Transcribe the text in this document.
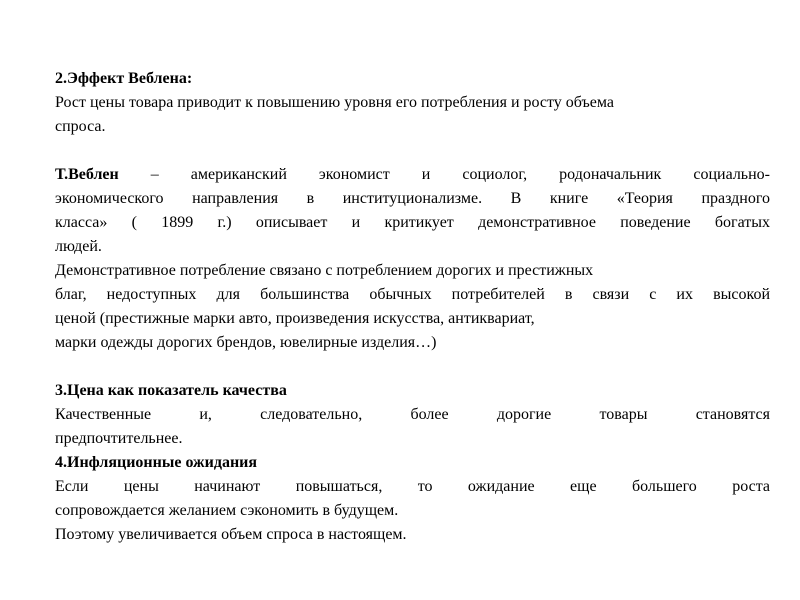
2.Эффект Веблена:

Рост цены товара приводит к повышению уровня его потребления и росту объема

спроса.

Т.Веблен – американский экономист и социолог, родоначальник социально-

экономического направления в институционализме. В книге «Теория праздного

класса» ( 1899 г.) описывает и критикует демонстративное поведение богатых

людей.

Демонстративное потребление связано с потреблением дорогих и престижных

благ, недоступных для большинства обычных потребителей в связи с их высокой

ценой (престижные марки авто, произведения искусства, антиквариат,

марки одежды дорогих брендов, ювелирные изделия…)

3.Цена как показатель качества

Качественные и, следовательно, более дорогие товары становятся

предпочтительнее.

4.Инфляционные ожидания

Если цены начинают повышаться, то ожидание еще большего роста

сопровождается желанием сэкономить в будущем.

Поэтому увеличивается объем спроса в настоящем.
